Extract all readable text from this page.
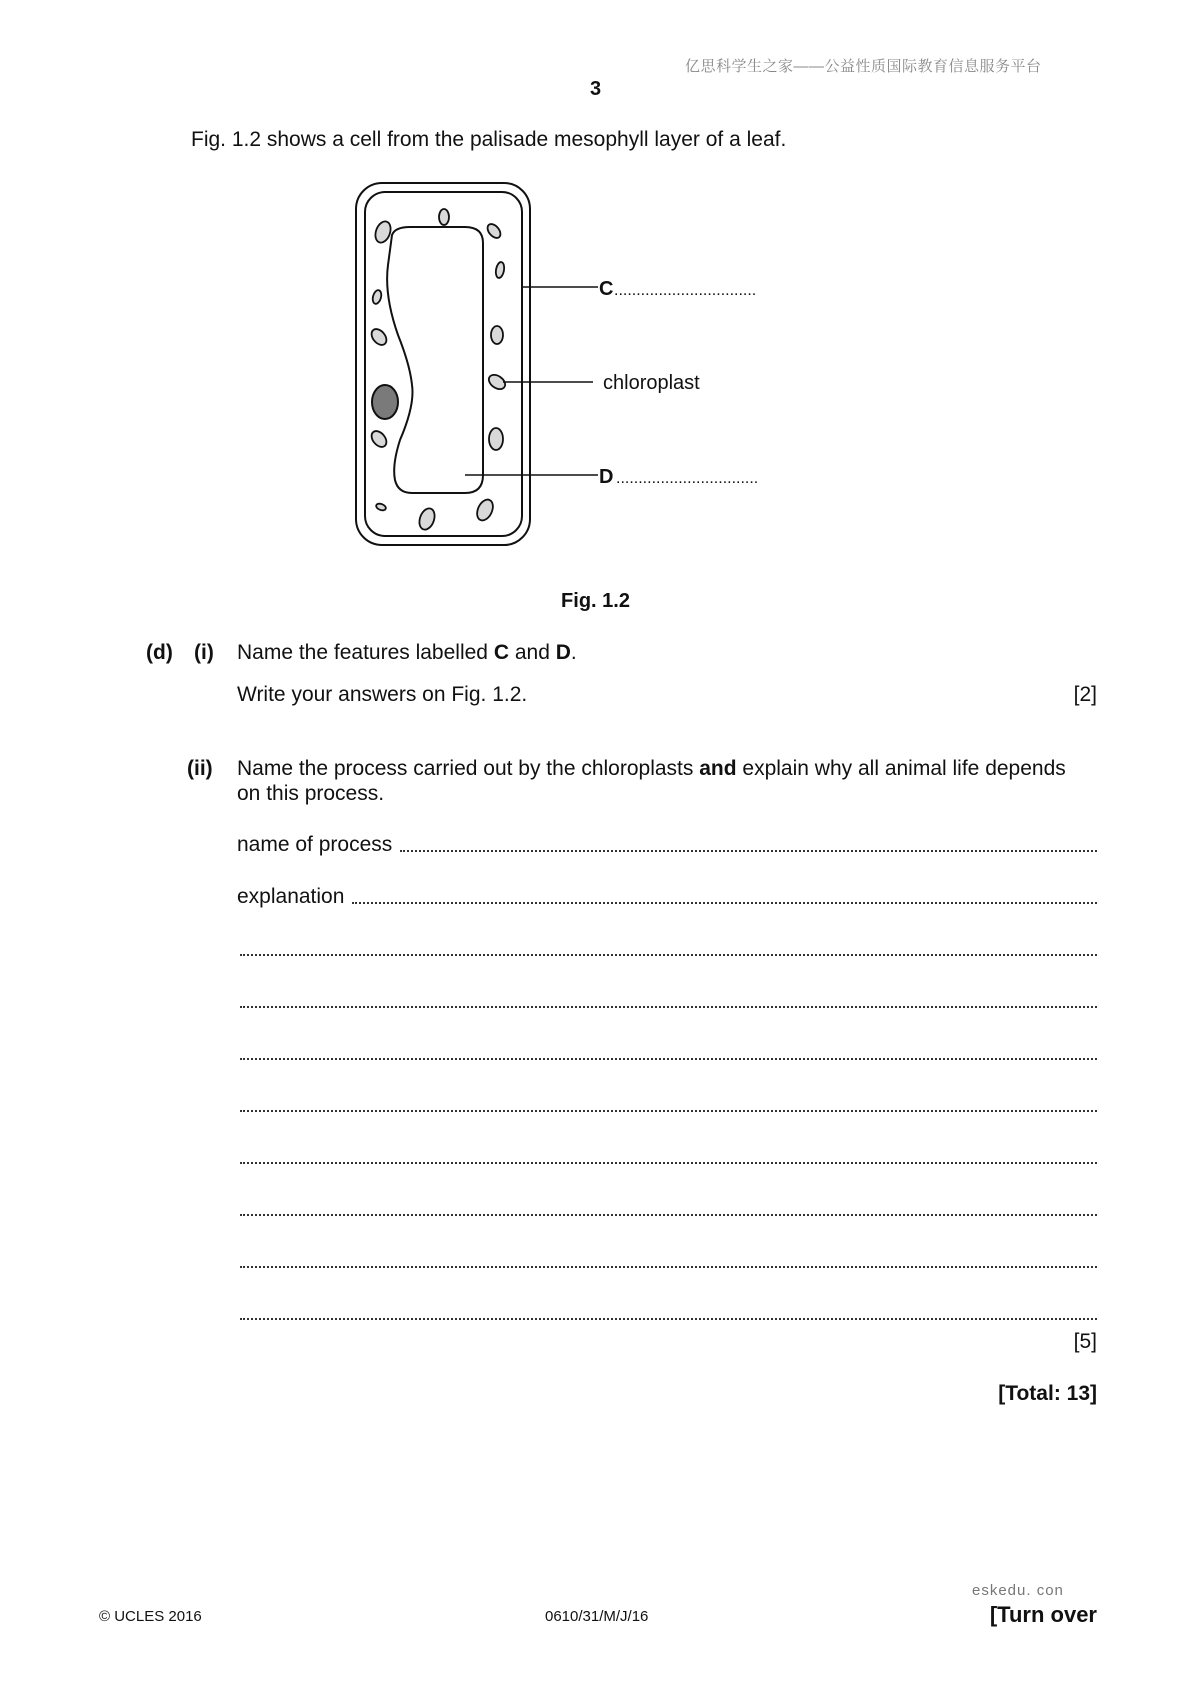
亿思科学生之家——公益性质国际教育信息服务平台
3
Fig. 1.2 shows a cell from the palisade mesophyll layer of a leaf.
C ................................
chloroplast
D ................................
Fig. 1.2
(d) (i) Name the features labelled C and D.
Write your answers on Fig. 1.2.	[2]
(ii) Name the process carried out by the chloroplasts and explain why all animal life depends
on this process.
name of process
explanation
[5]
[Total: 13]
eskedu. con
© UCLES 2016	0610/31/M/J/16	[Turn over
